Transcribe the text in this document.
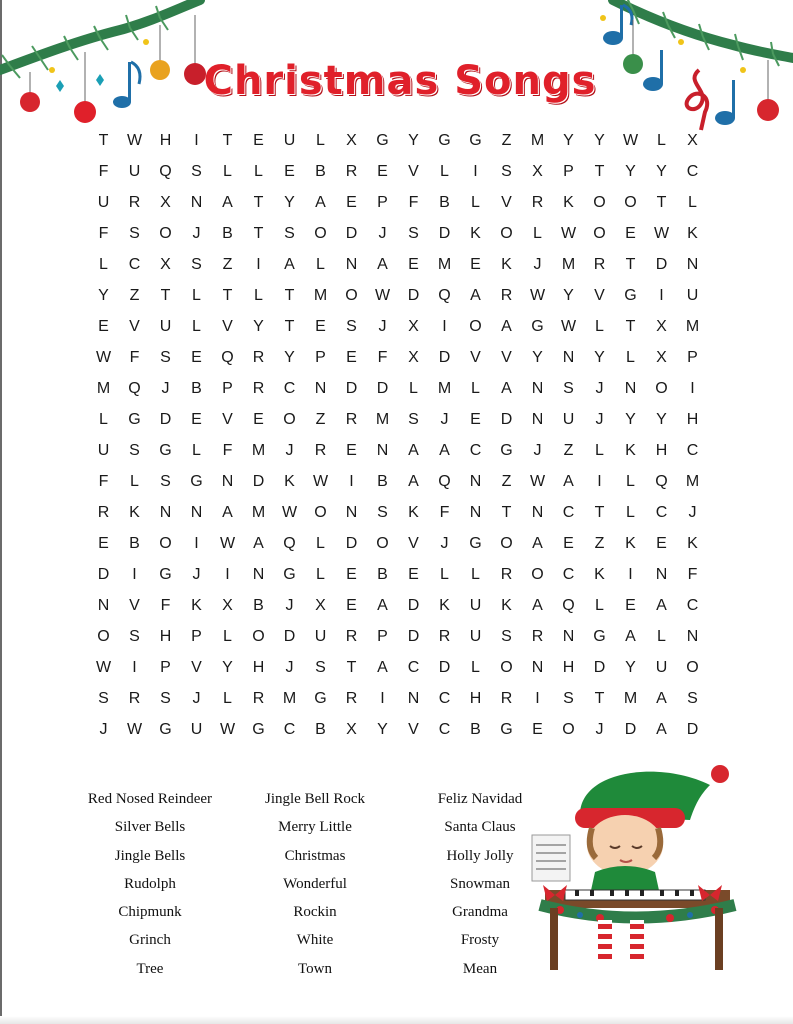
Christmas Songs
T	W	H	I	T	E	U	L	X	G	Y	G	G	Z	M	Y	Y	W	L	X
F	U	Q	S	L	L	E	B	R	E	V	L	I	S	X	P	T	Y	Y	C
U	R	X	N	A	T	Y	A	E	P	F	B	L	V	R	K	O	O	T	L
F	S	O	J	B	T	S	O	D	J	S	D	K	O	L	W	O	E	W	K
L	C	X	S	Z	I	A	L	N	A	E	M	E	K	J	M	R	T	D	N
Y	Z	T	L	T	L	T	M	O	W	D	Q	A	R	W	Y	V	G	I	U
E	V	U	L	V	Y	T	E	S	J	X	I	O	A	G	W	L	T	X	M
W	F	S	E	Q	R	Y	P	E	F	X	D	V	V	Y	N	Y	L	X	P
M	Q	J	B	P	R	C	N	D	D	L	M	L	A	N	S	J	N	O	I
L	G	D	E	V	E	O	Z	R	M	S	J	E	D	N	U	J	Y	Y	H
U	S	G	L	F	M	J	R	E	N	A	A	C	G	J	Z	L	K	H	C
F	L	S	G	N	D	K	W	I	B	A	Q	N	Z	W	A	I	L	Q	M
R	K	N	N	A	M	W	O	N	S	K	F	N	T	N	C	T	L	C	J
E	B	O	I	W	A	Q	L	D	O	V	J	G	O	A	E	Z	K	E	K
D	I	G	J	I	N	G	L	E	B	E	L	L	R	O	C	K	I	N	F
N	V	F	K	X	B	J	X	E	A	D	K	U	K	A	Q	L	E	A	C
O	S	H	P	L	O	D	U	R	P	D	R	U	S	R	N	G	A	L	N
W	I	P	V	Y	H	J	S	T	A	C	D	L	O	N	H	D	Y	U	O
S	R	S	J	L	R	M	G	R	I	N	C	H	R	I	S	T	M	A	S
J	W	G	U	W	G	C	B	X	Y	V	C	B	G	E	O	J	D	A	D
Red Nosed Reindeer
Silver Bells
Jingle Bells
Rudolph
Chipmunk
Grinch
Tree
Jingle Bell Rock
Merry Little
Christmas
Wonderful
Rockin
White
Town
Feliz Navidad
Santa Claus
Holly Jolly
Snowman
Grandma
Frosty
Mean
